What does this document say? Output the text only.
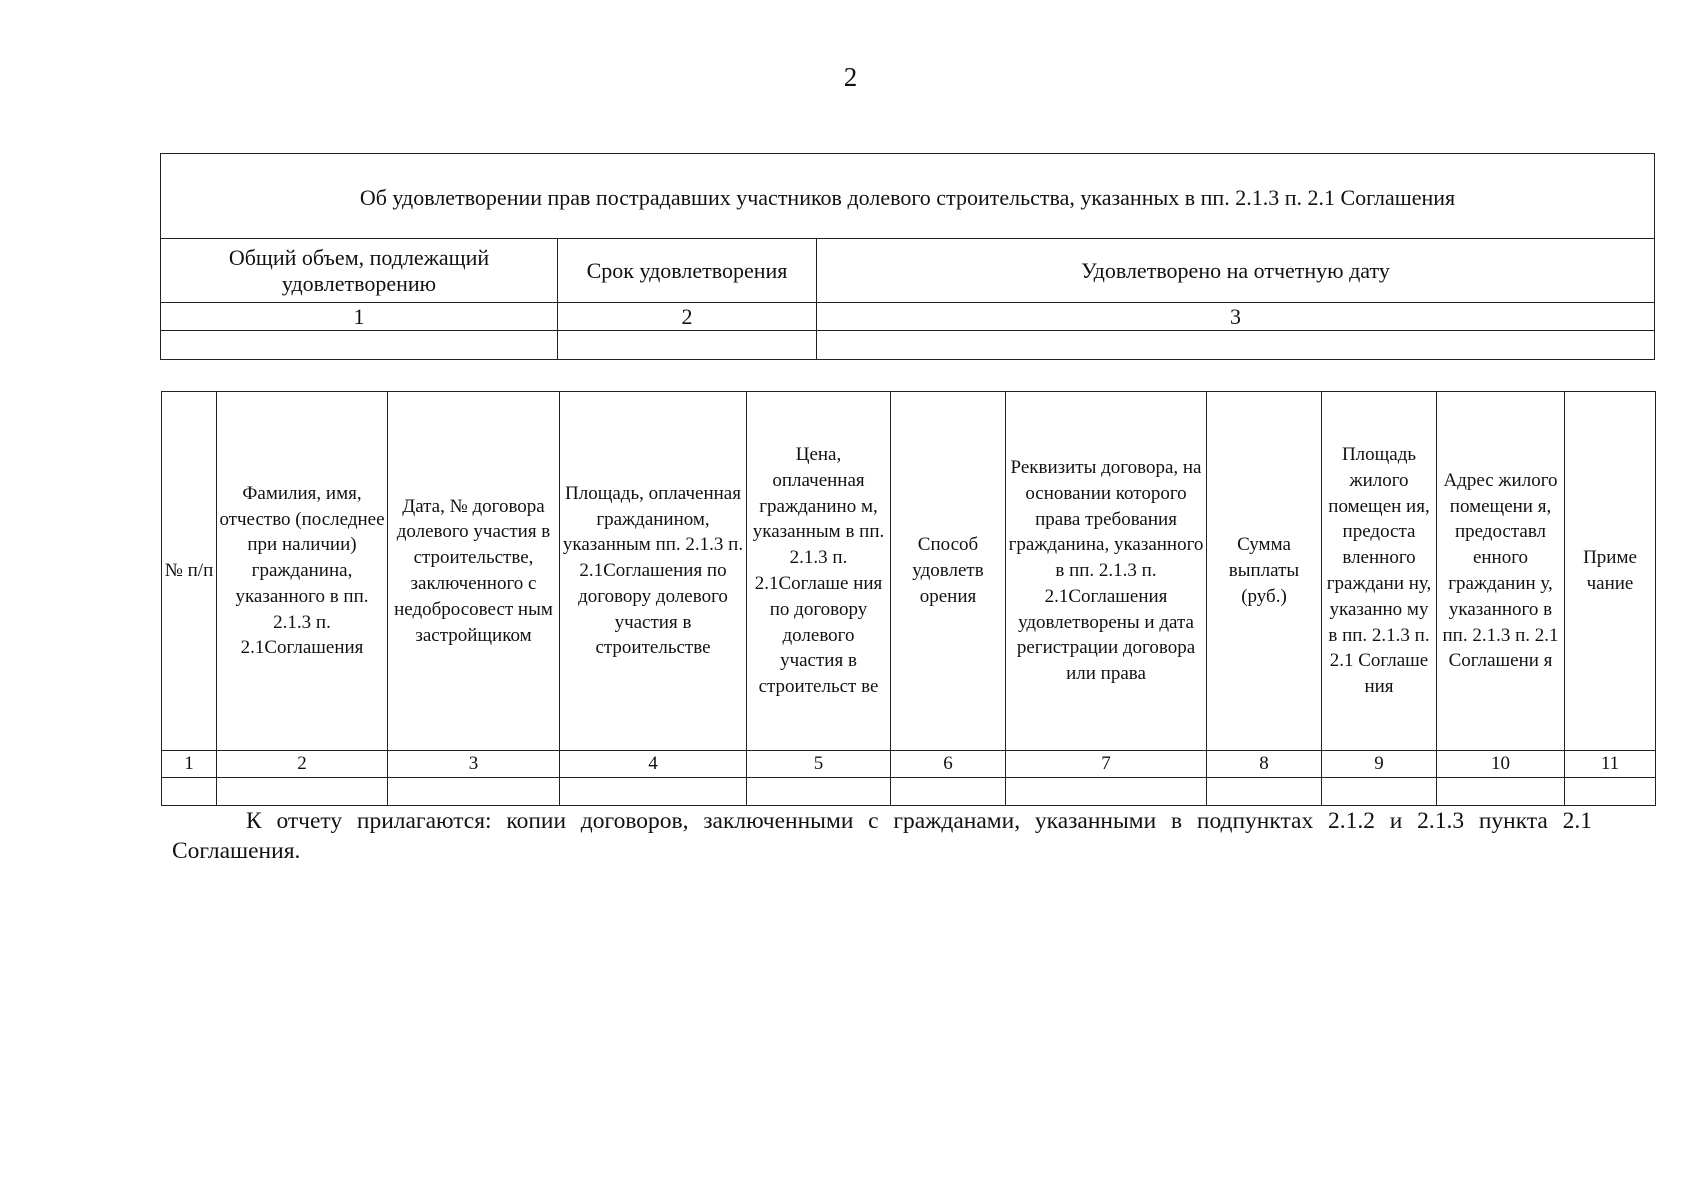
2
Об удовлетворении прав пострадавших участников долевого строительства, указанных в пп. 2.1.3 п. 2.1 Соглашения		
Общий объем, подлежащий удовлетворению	Срок удовлетворения	Удовлетворено на отчетную дату
1	2	3

№ п/п	Фамилия, имя, отчество (последнее при наличии) гражданина, указанного в пп. 2.1.3 п. 2.1Соглашения	Дата, № договора долевого участия в строительстве, заключенного с недобросовест ным застройщиком	Площадь, оплаченная гражданином, указанным пп. 2.1.3 п. 2.1Соглашения по договору долевого участия в строительстве	Цена, оплаченная гражданино м, указанным в пп. 2.1.3 п. 2.1Соглаше ния по договору долевого участия в строительст ве	Способ удовлетв орения	Реквизиты договора, на основании которого права требования гражданина, указанного в пп. 2.1.3 п. 2.1Соглашения удовлетворены и дата регистрации договора или права	Сумма выплаты (руб.)	Площадь жилого помещен ия, предоста вленного граждани ну, указанно му в пп. 2.1.3 п. 2.1 Соглаше ния	Адрес жилого помещени я, предоставл енного гражданин у, указанного в пп. 2.1.3 п. 2.1 Соглашени я	Приме чание
1	2	3	4	5	6	7	8	9	10	11

К отчету прилагаются: копии договоров, заключенными с гражданами, указанными в подпунктах 2.1.2 и 2.1.3 пункта 2.1 Соглашения.
